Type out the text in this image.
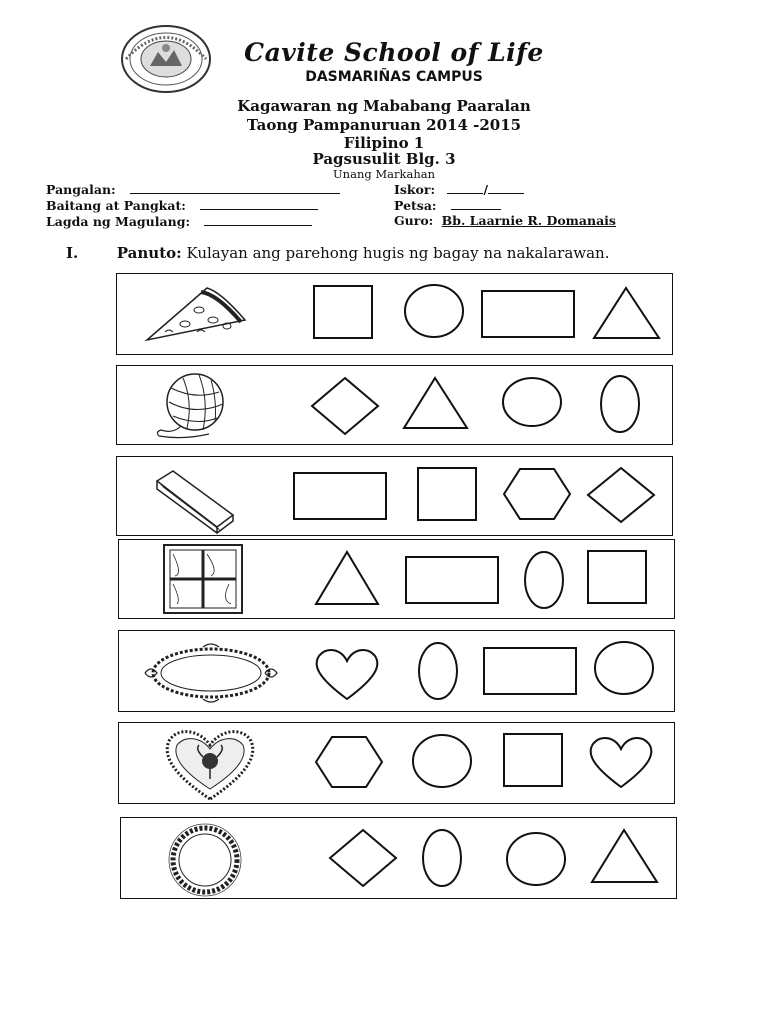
Cavite School of Life
DASMARIÑAS CAMPUS
Kagawaran ng Mababang Paaralan
Taong Pampanuruan 2014 -2015
Filipino 1
Pagsusulit Blg. 3
Unang Markahan
Pangalan:
Baitang at Pangkat:
Lagda ng Magulang:
Iskor:	/
Petsa:
Guro: Bb. Laarnie R. Domanais
I.	Panuto: Kulayan ang parehong hugis ng bagay na nakalarawan.
